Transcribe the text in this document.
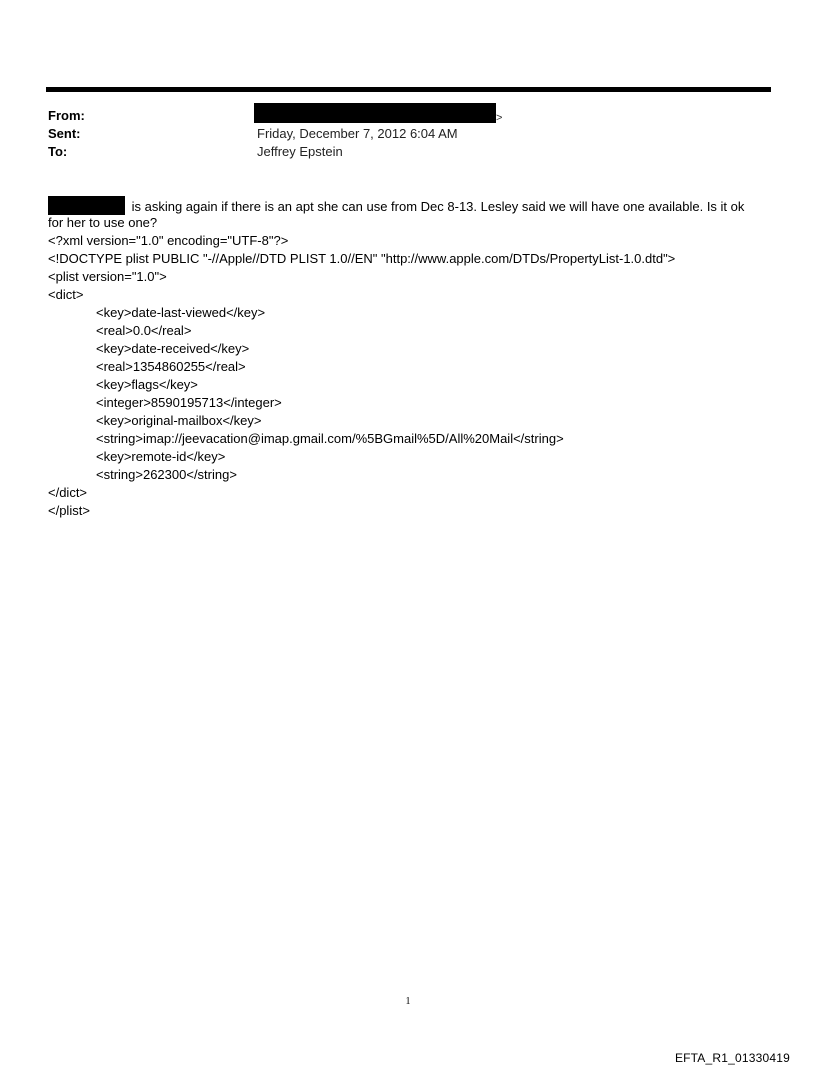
From:	>
Sent:	Friday, December 7, 2012 6:04 AM
To:	Jeffrey Epstein
is asking again if there is an apt she can use from Dec 8-13. Lesley said we will have one available. Is it ok
for her to use one?
<?xml version="1.0" encoding="UTF-8"?>
<!DOCTYPE plist PUBLIC "-//Apple//DTD PLIST 1.0//EN" "http://www.apple.com/DTDs/PropertyList-1.0.dtd">
<plist version="1.0">
<dict>
<key>date-last-viewed</key>
<real>0.0</real>
<key>date-received</key>
<real>1354860255</real>
<key>flags</key>
<integer>8590195713</integer>
<key>original-mailbox</key>
<string>imap://jeevacation@imap.gmail.com/%5BGmail%5D/All%20Mail</string>
<key>remote-id</key>
<string>262300</string>
</dict>
</plist>
1
EFTA_R1_01330419
